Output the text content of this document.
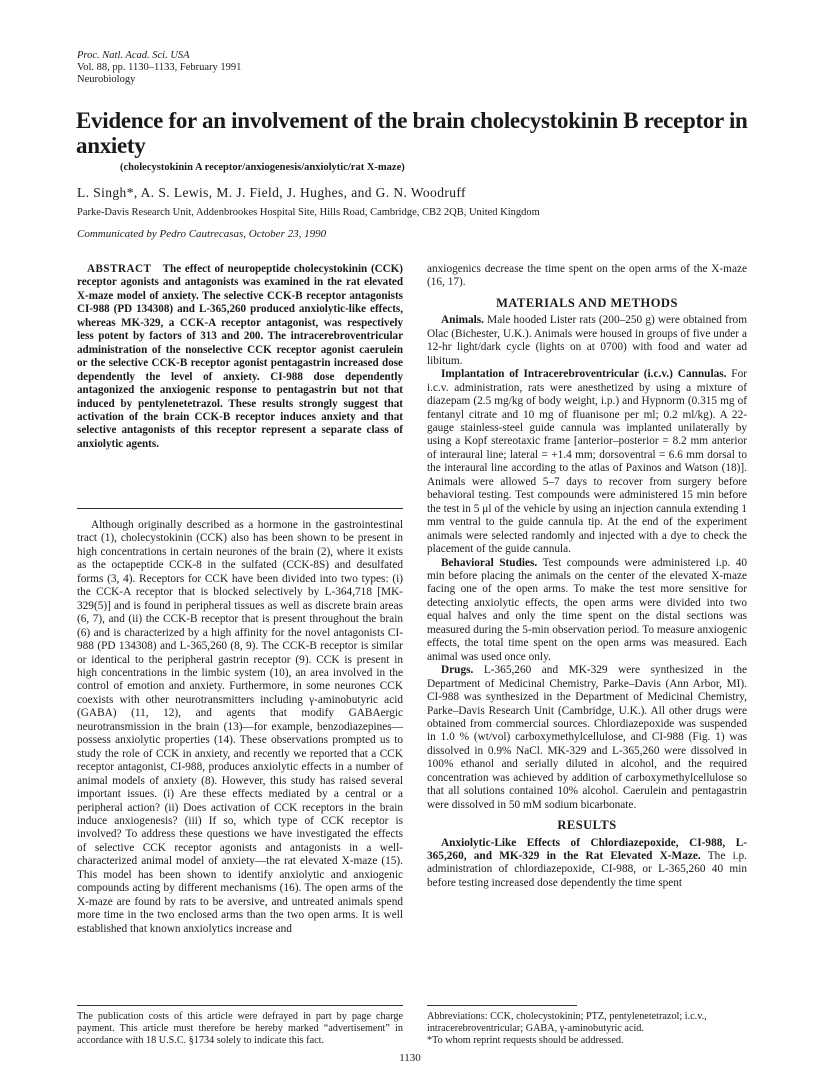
Proc. Natl. Acad. Sci. USA
Vol. 88, pp. 1130–1133, February 1991
Neurobiology
Evidence for an involvement of the brain cholecystokinin B receptor in anxiety
(cholecystokinin A receptor/anxiogenesis/anxiolytic/rat X-maze)
L. Singh*, A. S. Lewis, M. J. Field, J. Hughes, and G. N. Woodruff
Parke-Davis Research Unit, Addenbrookes Hospital Site, Hills Road, Cambridge, CB2 2QB, United Kingdom
Communicated by Pedro Cautrecasas, October 23, 1990

ABSTRACT The effect of neuropeptide cholecystokinin (CCK) receptor agonists and antagonists was examined in the rat elevated X-maze model of anxiety. The selective CCK-B receptor antagonists CI-988 (PD 134308) and L-365,260 produced anxiolytic-like effects, whereas MK-329, a CCK-A receptor antagonist, was respectively less potent by factors of 313 and 200. The intracerebroventricular administration of the nonselective CCK receptor agonist caerulein or the selective CCK-B receptor agonist pentagastrin increased dose dependently the level of anxiety. CI-988 dose dependently antagonized the anxiogenic response to pentagastrin but not that induced by pentylenetetrazol. These results strongly suggest that activation of the brain CCK-B receptor induces anxiety and that selective antagonists of this receptor represent a separate class of anxiolytic agents.

Although originally described as a hormone in the gastrointestinal tract (1), cholecystokinin (CCK) also has been shown to be present in high concentrations in certain neurones of the brain (2), where it exists as the octapeptide CCK-8 in the sulfated (CCK-8S) and desulfated forms (3, 4). Receptors for CCK have been divided into two types: (i) the CCK-A receptor that is blocked selectively by L-364,718 [MK-329(5)] and is found in peripheral tissues as well as discrete brain areas (6, 7), and (ii) the CCK-B receptor that is present throughout the brain (6) and is characterized by a high affinity for the novel antagonists CI-988 (PD 134308) and L-365,260 (8, 9). The CCK-B receptor is similar or identical to the peripheral gastrin receptor (9). CCK is present in high concentrations in the limbic system (10), an area involved in the control of emotion and anxiety. Furthermore, in some neurones CCK coexists with other neurotransmitters including γ-aminobutyric acid (GABA) (11, 12), and agents that modify GABAergic neurotransmission in the brain (13)—for example, benzodiazepines—possess anxiolytic properties (14). These observations prompted us to study the role of CCK in anxiety, and recently we reported that a CCK receptor antagonist, CI-988, produces anxiolytic effects in a number of animal models of anxiety (8). However, this study has raised several important issues. (i) Are these effects mediated by a central or a peripheral action? (ii) Does activation of CCK receptors in the brain induce anxiogenesis? (iii) If so, which type of CCK receptor is involved? To address these questions we have investigated the effects of selective CCK receptor agonists and antagonists in a well-characterized animal model of anxiety—the rat elevated X-maze (15). This model has been shown to identify anxiolytic and anxiogenic compounds acting by different mechanisms (16). The open arms of the X-maze are found by rats to be aversive, and untreated animals spend more time in the two enclosed arms than the two open arms. It is well established that known anxiolytics increase and

anxiogenics decrease the time spent on the open arms of the X-maze (16, 17).

MATERIALS AND METHODS

Animals. Male hooded Lister rats (200–250 g) were obtained from Olac (Bichester, U.K.). Animals were housed in groups of five under a 12-hr light/dark cycle (lights on at 0700) with food and water ad libitum.

Implantation of Intracerebroventricular (i.c.v.) Cannulas. For i.c.v. administration, rats were anesthetized by using a mixture of diazepam (2.5 mg/kg of body weight, i.p.) and Hypnorm (0.315 mg of fentanyl citrate and 10 mg of fluanisone per ml; 0.2 ml/kg). A 22-gauge stainless-steel guide cannula was implanted unilaterally by using a Kopf stereotaxic frame [anterior–posterior = 8.2 mm anterior of interaural line; lateral = +1.4 mm; dorsoventral = 6.6 mm dorsal to the interaural line according to the atlas of Paxinos and Watson (18)]. Animals were allowed 5–7 days to recover from surgery before behavioral testing. Test compounds were administered 15 min before the test in 5 μl of the vehicle by using an injection cannula extending 1 mm ventral to the guide cannula tip. At the end of the experiment animals were selected randomly and injected with a dye to check the placement of the guide cannula.

Behavioral Studies. Test compounds were administered i.p. 40 min before placing the animals on the center of the elevated X-maze facing one of the open arms. To make the test more sensitive for detecting anxiolytic effects, the open arms were divided into two equal halves and only the time spent on the distal sections was measured during the 5-min observation period. To measure anxiogenic effects, the total time spent on the open arms was measured. Each animal was used once only.

Drugs. L-365,260 and MK-329 were synthesized in the Department of Medicinal Chemistry, Parke–Davis (Ann Arbor, MI). CI-988 was synthesized in the Department of Medicinal Chemistry, Parke–Davis Research Unit (Cambridge, U.K.). All other drugs were obtained from commercial sources. Chlordiazepoxide was suspended in 1.0 % (wt/vol) carboxymethylcellulose, and CI-988 (Fig. 1) was dissolved in 0.9% NaCl. MK-329 and L-365,260 were dissolved in 100% ethanol and serially diluted in alcohol, and the required concentration was achieved by addition of carboxymethylcellulose so that all solutions contained 10% alcohol. Caerulein and pentagastrin were dissolved in 50 mM sodium bicarbonate.

RESULTS

Anxiolytic-Like Effects of Chlordiazepoxide, CI-988, L-365,260, and MK-329 in the Rat Elevated X-Maze. The i.p. administration of chlordiazepoxide, CI-988, or L-365,260 40 min before testing increased dose dependently the time spent

The publication costs of this article were defrayed in part by page charge payment. This article must therefore be hereby marked “advertisement” in accordance with 18 U.S.C. §1734 solely to indicate this fact.
Abbreviations: CCK, cholecystokinin; PTZ, pentylenetetrazol; i.c.v., intracerebroventricular; GABA, γ-aminobutyric acid.
*To whom reprint requests should be addressed.
1130
